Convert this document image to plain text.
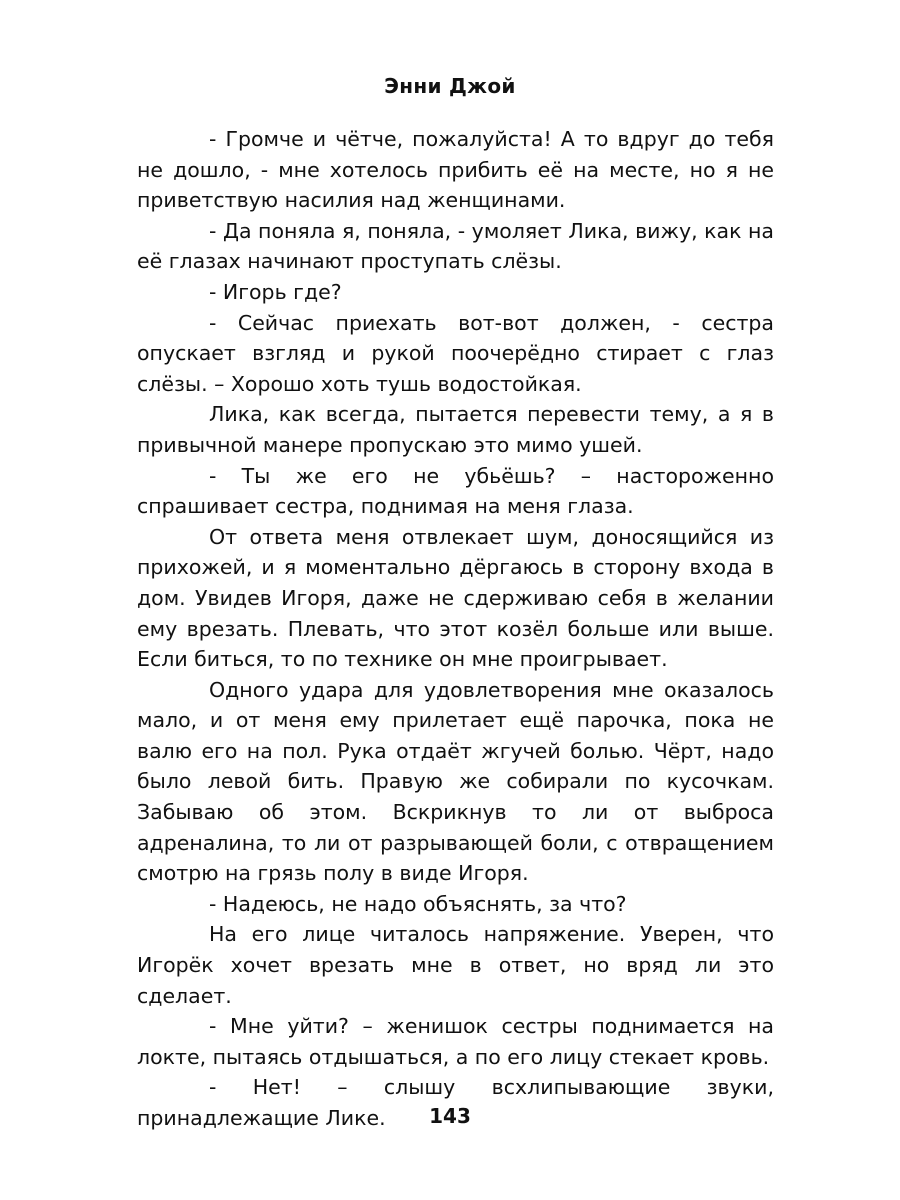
Энни Джой

- Громче и чётче, пожалуйста! А то вдруг до тебя не дошло, - мне хотелось прибить её на месте, но я не приветствую насилия над женщинами.

- Да поняла я, поняла, - умоляет Лика, вижу, как на её глазах начинают проступать слёзы.

- Игорь где?

- Сейчас приехать вот-вот должен, - сестра опускает взгляд и рукой поочерёдно стирает с глаз слёзы. – Хорошо хоть тушь водостойкая.

Лика, как всегда, пытается перевести тему, а я в привычной манере пропускаю это мимо ушей.

- Ты же его не убьёшь? – настороженно спрашивает сестра, поднимая на меня глаза.

От ответа меня отвлекает шум, доносящийся из прихожей, и я моментально дёргаюсь в сторону входа в дом. Увидев Игоря, даже не сдерживаю себя в желании ему врезать. Плевать, что этот козёл больше или выше. Если биться, то по технике он мне проигрывает.

Одного удара для удовлетворения мне оказалось мало, и от меня ему прилетает ещё парочка, пока не валю его на пол. Рука отдаёт жгучей болью. Чёрт, надо было левой бить. Правую же собирали по кусочкам. Забываю об этом. Вскрикнув то ли от выброса адреналина, то ли от разрывающей боли, с отвращением смотрю на грязь полу в виде Игоря.

- Надеюсь, не надо объяснять, за что?

На его лице читалось напряжение. Уверен, что Игорёк хочет врезать мне в ответ, но вряд ли это сделает.

- Мне уйти? – женишок сестры поднимается на локте, пытаясь отдышаться, а по его лицу стекает кровь.

- Нет! – слышу всхлипывающие звуки, принадлежащие Лике.	143
